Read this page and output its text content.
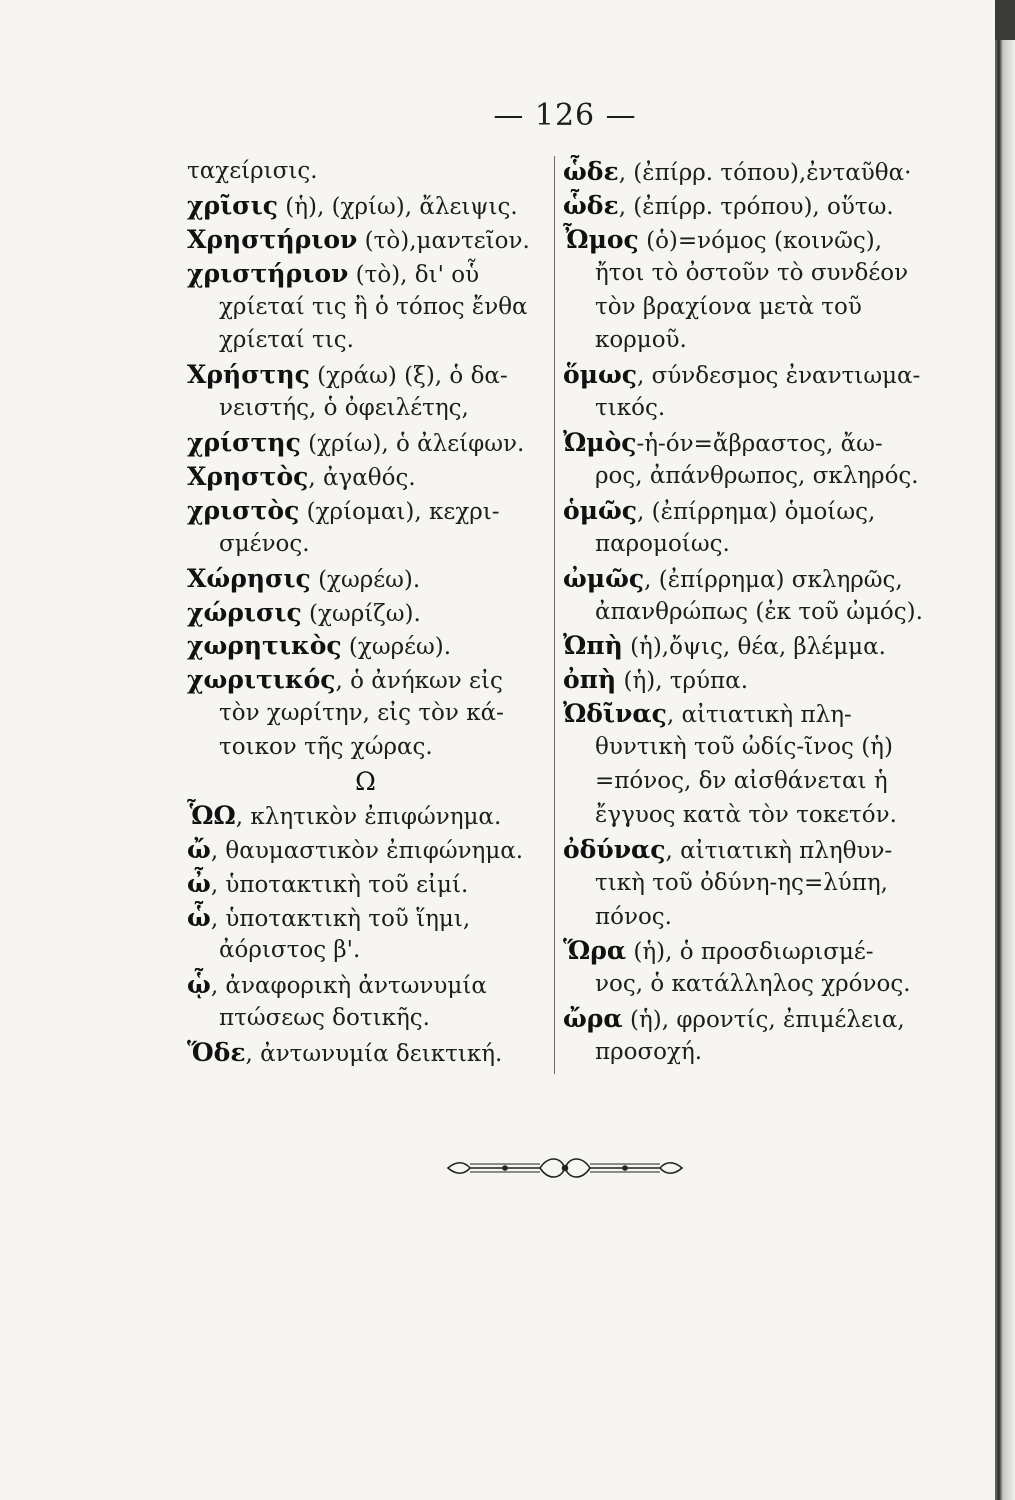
— 126 —
ταχείρισις.
χρῖσις (ἡ), (χρίω), ἄλειψις.
Χρηστήριον (τὸ),μαντεῖον.
χριστήριον (τὸ), δι' οὗ
χρίεταί τις ἢ ὁ τόπος ἔνθα
χρίεταί τις.
Χρήστης (χράω) (ξ), ὁ δα-
νειστής, ὁ ὀφειλέτης,
χρίστης (χρίω), ὁ ἀλείφων.
Χρηστὸς, ἀγαθός.
χριστὸς (χρίομαι), κεχρι-
σμένος.
Χώρησις (χωρέω).
χώρισις (χωρίζω).
χωρητικὸς (χωρέω).
χωριτικός, ὁ ἀνήκων εἰς
τὸν χωρίτην, εἰς τὸν κά-
τοικον τῆς χώρας.
Ω
ὯΩ, κλητικὸν ἐπιφώνημα.
ὤ, θαυμαστικὸν ἐπιφώνημα.
ὦ, ὑποτακτικὴ τοῦ εἰμί.
ὧ, ὑποτακτικὴ τοῦ ἵημι,
ἀόριστος β'.
ᾧ, ἀναφορικὴ ἀντωνυμία
πτώσεως δοτικῆς.
Ὅδε, ἀντωνυμία δεικτική.
ὧδε, (ἐπίρρ. τόπου),ἐνταῦθα·
ὧδε, (ἐπίρρ. τρόπου), οὕτω.
Ὦμος (ὁ)=νόμος (κοινῶς),
ἤτοι τὸ ὀστοῦν τὸ συνδέον
τὸν βραχίονα μετὰ τοῦ
κορμοῦ.
ὅμως, σύνδεσμος ἐναντιωμα-
τικός.
Ὠμὸς-ἡ-όν=ἄβραστος, ἄω-
ρος, ἀπάνθρωπος, σκληρός.
ὁμῶς, (ἐπίρρημα) ὁμοίως,
παρομοίως.
ὠμῶς, (ἐπίρρημα) σκληρῶς,
ἀπανθρώπως (ἐκ τοῦ ὠμός).
Ὠπὴ (ἡ),ὄψις, θέα, βλέμμα.
ὀπὴ (ἡ), τρύπα.
Ὠδῖνας, αἰτιατικὴ πλη-
θυντικὴ τοῦ ὠδίς-ῖνος (ἡ)
=πόνος, δν αἰσθάνεται ἡ
ἔγγυος κατὰ τὸν τοκετόν.
ὀδύνας, αἰτιατικὴ πληθυν-
τικὴ τοῦ ὀδύνη-ης=λύπη,
πόνος.
Ὥρα (ἡ), ὁ προσδιωρισμέ-
νος, ὁ κατάλληλος χρόνος.
ὤρα (ἡ), φροντίς, ἐπιμέλεια,
προσοχή.
